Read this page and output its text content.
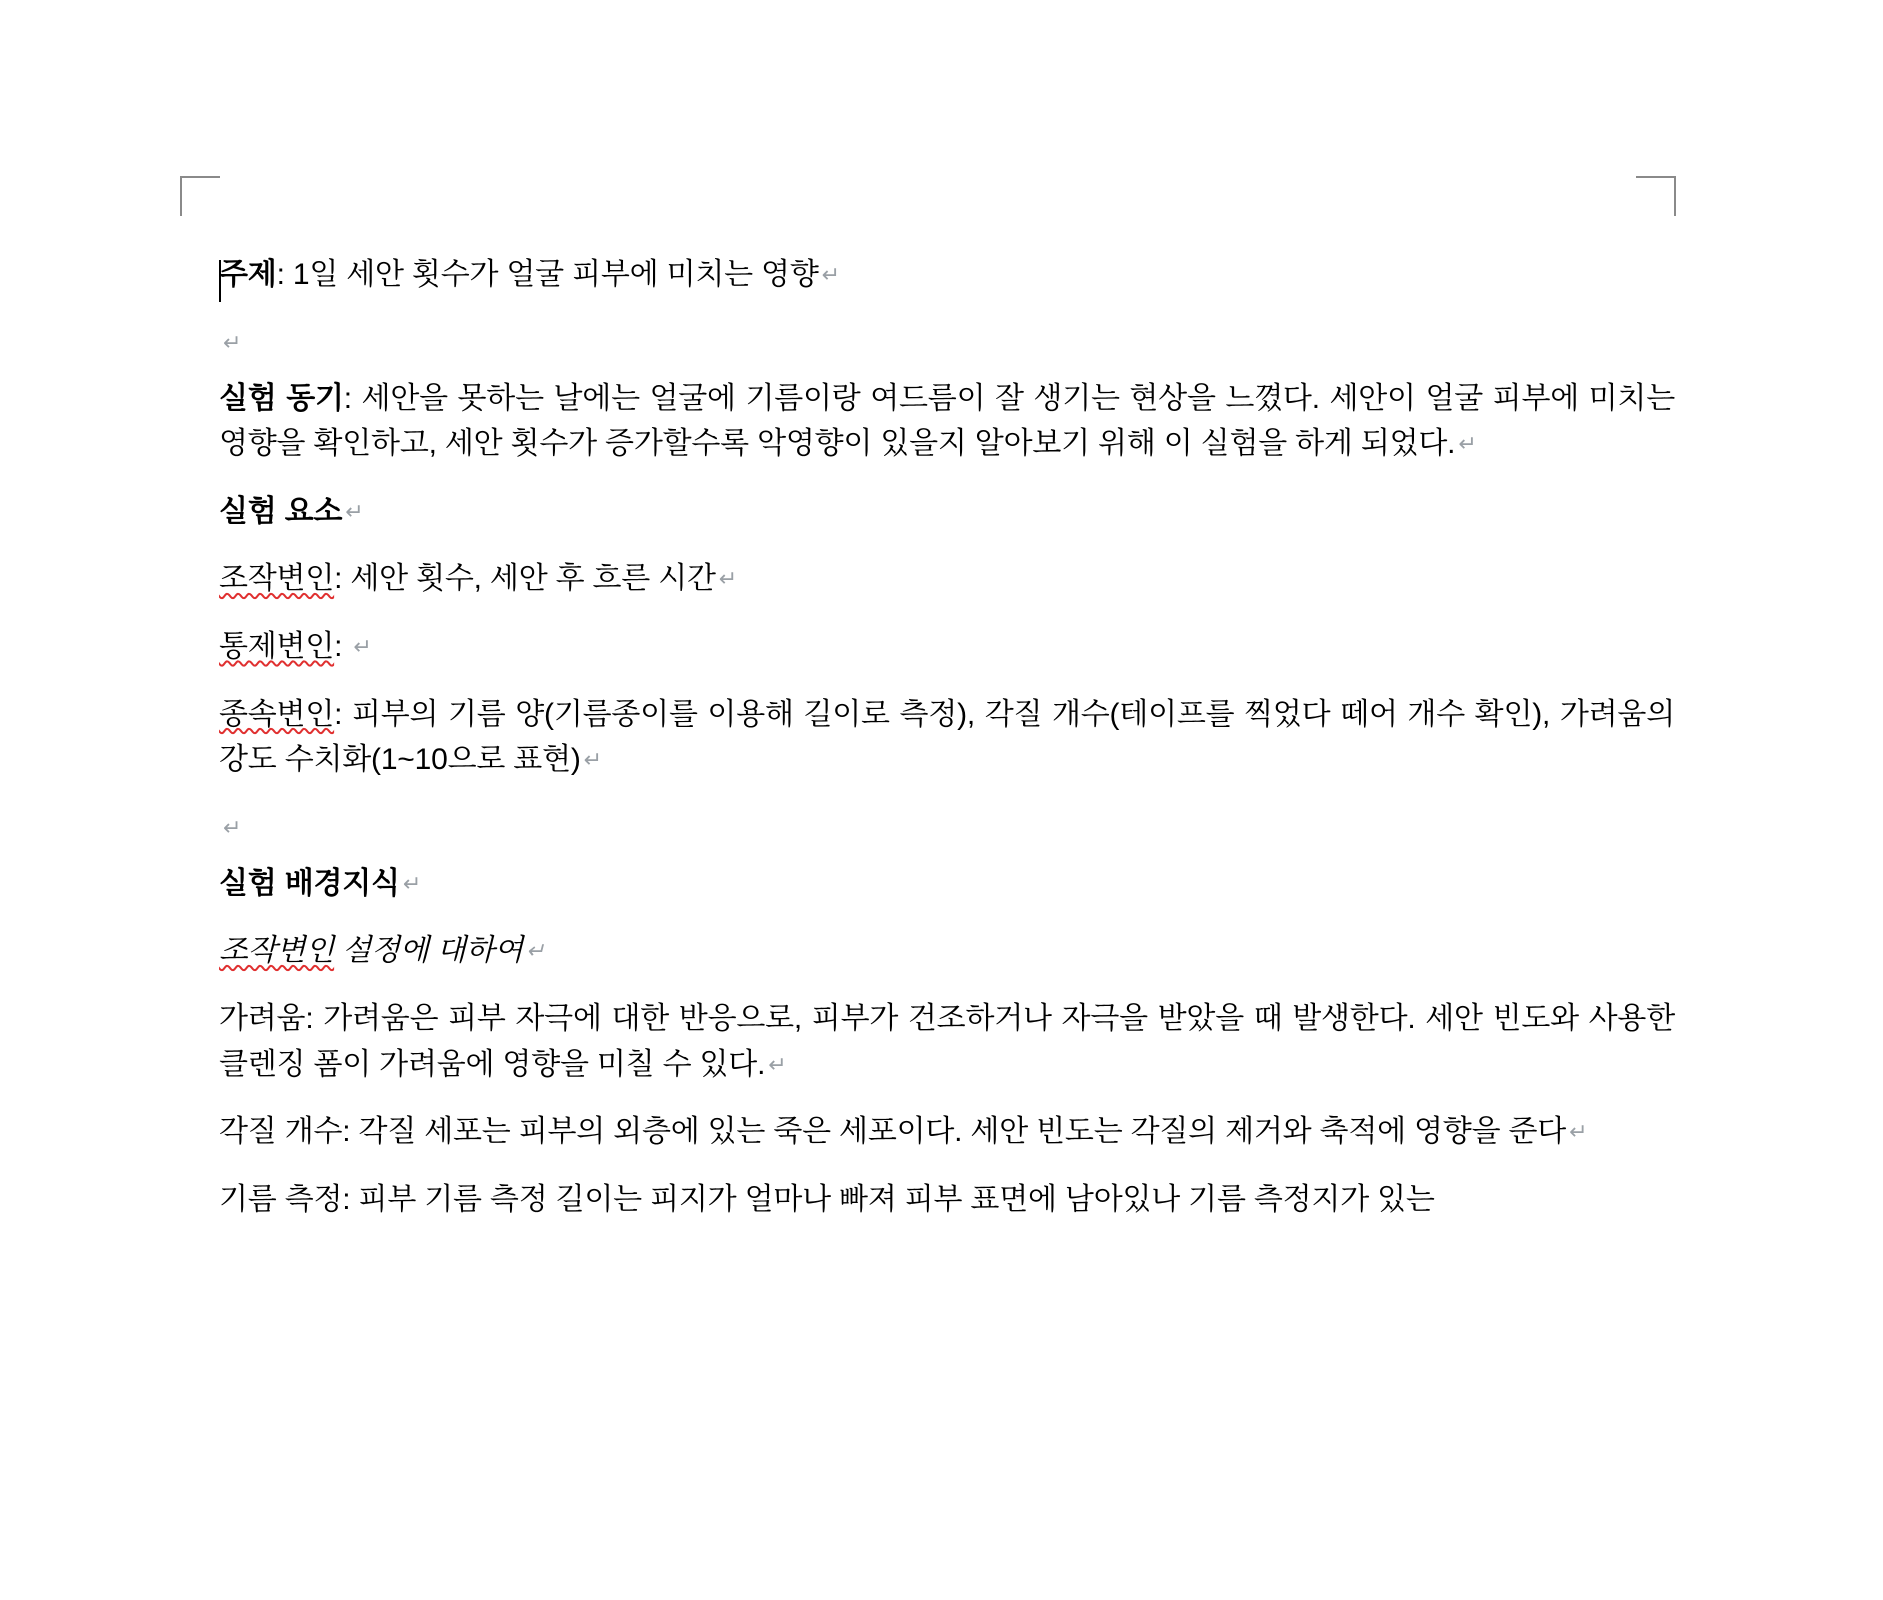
주제: 1일 세안 횟수가 얼굴 피부에 미치는 영향 ↵

↵

실험 동기: 세안을 못하는 날에는 얼굴에 기름이랑 여드름이 잘 생기는 현상을 느꼈다. 세안이 얼굴 피부에 미치는 영향을 확인하고, 세안 횟수가 증가할수록 악영향이 있을지 알아보기 위해 이 실험을 하게 되었다. ↵

실험 요소 ↵

조작변인: 세안 횟수, 세안 후 흐른 시간 ↵

통제변인: ↵

종속변인: 피부의 기름 양(기름종이를 이용해 길이로 측정), 각질 개수(테이프를 찍었다 떼어 개수 확인), 가려움의 강도 수치화(1~10으로 표현) ↵

↵

실험 배경지식 ↵

조작변인 설정에 대하여 ↵

가려움: 가려움은 피부 자극에 대한 반응으로, 피부가 건조하거나 자극을 받았을 때 발생한다. 세안 빈도와 사용한 클렌징 폼이 가려움에 영향을 미칠 수 있다. ↵

각질 개수: 각질 세포는 피부의 외층에 있는 죽은 세포이다. 세안 빈도는 각질의 제거와 축적에 영향을 준다 ↵

기름 측정: 피부 기름 측정 길이는 피지가 얼마나 빠져 피부 표면에 남아있나 기름 측정지가 있는
